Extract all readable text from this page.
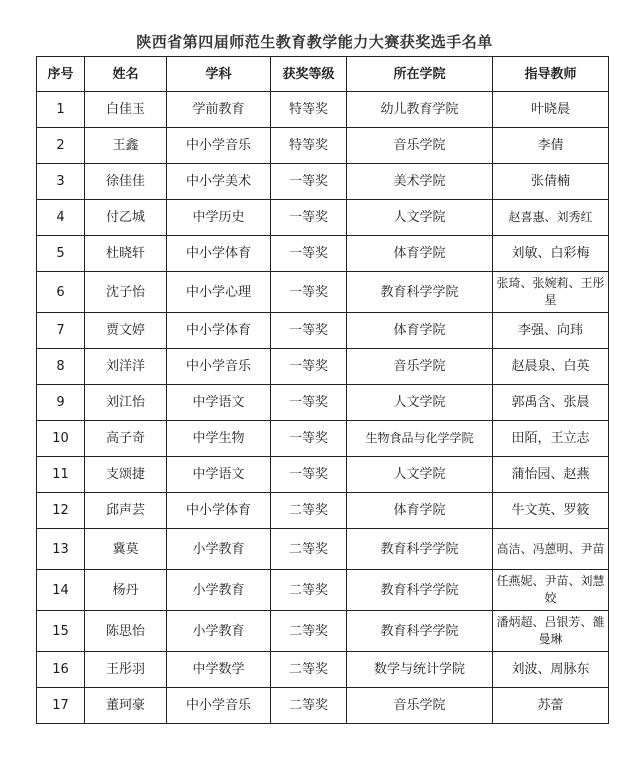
陕西省第四届师范生教育教学能力大赛获奖选手名单
序号	姓名	学科	获奖等级	所在学院	指导教师
1	白佳玉	学前教育	特等奖	幼儿教育学院	叶晓晨
2	王鑫	中小学音乐	特等奖	音乐学院	李倩
3	徐佳佳	中小学美术	一等奖	美术学院	张倩楠
4	付乙城	中学历史	一等奖	人文学院	赵喜惠、刘秀红
5	杜晓轩	中小学体育	一等奖	体育学院	刘敏、白彩梅
6	沈子怡	中小学心理	一等奖	教育科学学院	张琦、张婉莉、王彤星
7	贾文婷	中小学体育	一等奖	体育学院	李强、向玮
8	刘洋洋	中小学音乐	一等奖	音乐学院	赵晨泉、白英
9	刘江怡	中学语文	一等奖	人文学院	郭禹含、张晨
10	高子奇	中学生物	一等奖	生物食品与化学学院	田陌，王立志
11	支颂捷	中学语文	一等奖	人文学院	蒲怡园、赵燕
12	邱声芸	中小学体育	二等奖	体育学院	牛文英、罗筱
13	冀莫	小学教育	二等奖	教育科学学院	高洁、冯蒽明、尹苗
14	杨丹	小学教育	二等奖	教育科学学院	任燕妮、尹苗、刘慧姣
15	陈思怡	小学教育	二等奖	教育科学学院	潘炳超、吕银芳、雒曼琳
16	王彤羽	中学数学	二等奖	数学与统计学院	刘波、周脉东
17	董珂豪	中小学音乐	二等奖	音乐学院	苏蕾
